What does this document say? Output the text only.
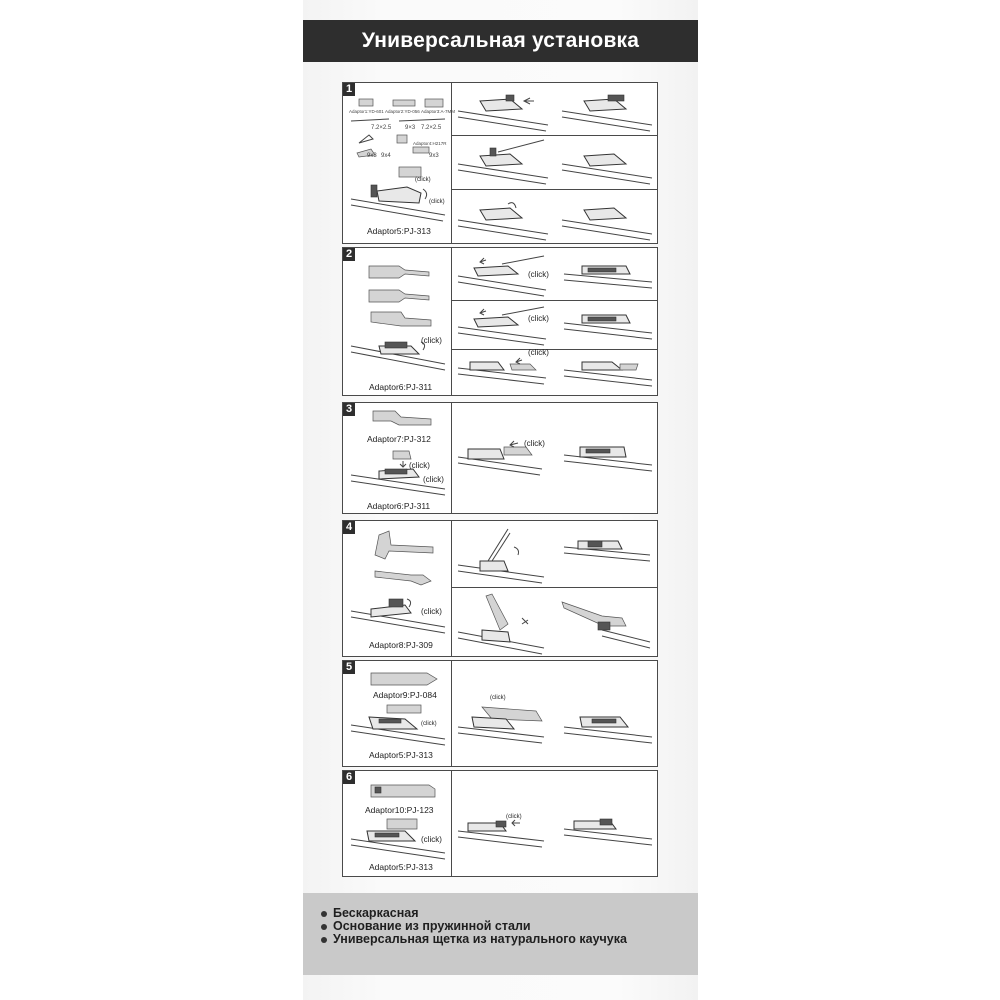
Универсальная установка
1
Adaptor1:YD-601 Adaptor2:YD-056 Adaptor3:A-7MM
7.2×2.5 9×3 7.2×2.5
Adaptor4:H217R
9x3 9x4	9x3
(click)
(click)
Adaptor5:PJ-313
2
(click)
Adaptor6:PJ-311
(click)
(click)
(click)
3
Adaptor7:PJ-312
(click)
(click)
Adaptor6:PJ-311
(click)
4
(click)
Adaptor8:PJ-309
5
Adaptor9:PJ-084
(click)
Adaptor5:PJ-313
(click)
6
Adaptor10:PJ-123
(click)
Adaptor5:PJ-313
(click)
Бескаркасная
Основание из пружинной стали
Универсальная щетка из натурального каучука
